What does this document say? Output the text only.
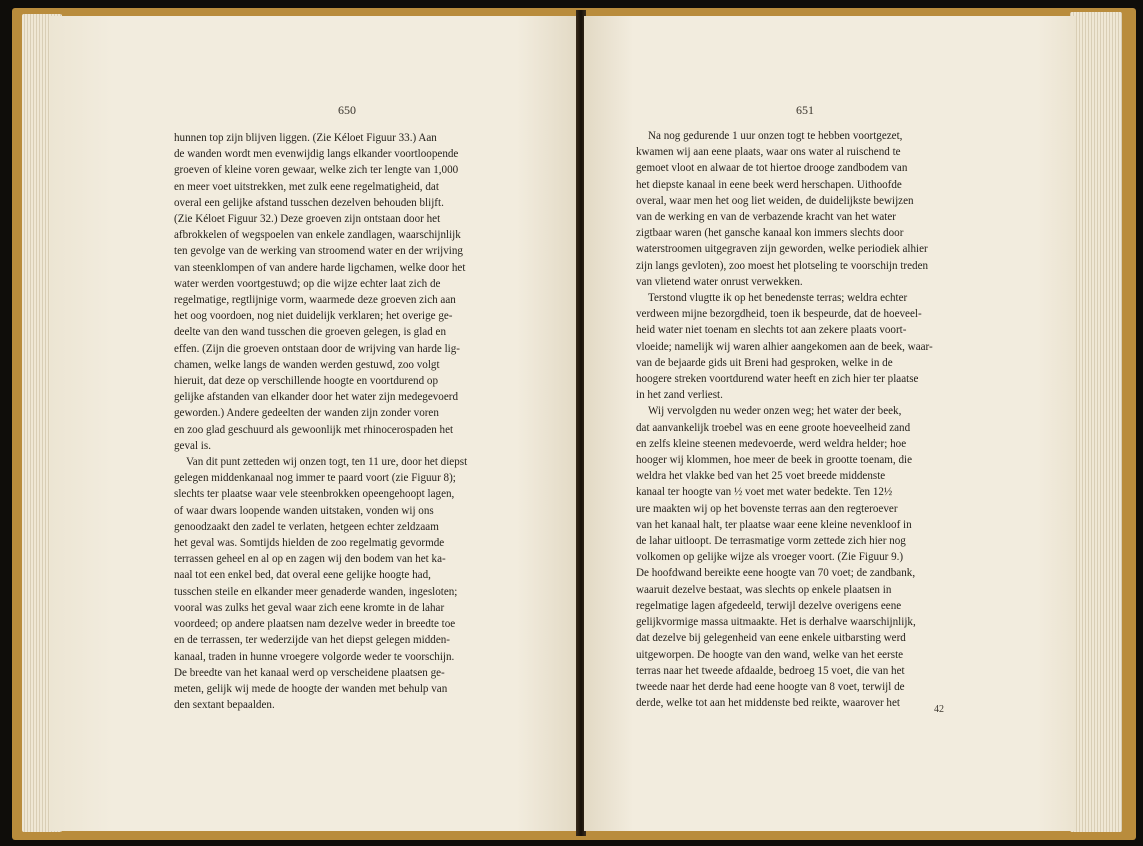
650
hunnen top zijn blijven liggen. (Zie Kéloet Figuur 33.) Aan
de wanden wordt men evenwijdig langs elkander voortloopende
groeven of kleine voren gewaar, welke zich ter lengte van 1,000
en meer voet uitstrekken, met zulk eene regelmatigheid, dat
overal een gelijke afstand tusschen dezelven behouden blijft.
(Zie Kéloet Figuur 32.) Deze groeven zijn ontstaan door het
afbrokkelen of wegspoelen van enkele zandlagen, waarschijnlijk
ten gevolge van de werking van stroomend water en der wrijving
van steenklompen of van andere harde ligchamen, welke door het
water werden voortgestuwd; op die wijze echter laat zich de
regelmatige, regtlijnige vorm, waarmede deze groeven zich aan
het oog voordoen, nog niet duidelijk verklaren; het overige ge-
deelte van den wand tusschen die groeven gelegen, is glad en
effen. (Zijn die groeven ontstaan door de wrijving van harde lig-
chamen, welke langs de wanden werden gestuwd, zoo volgt
hieruit, dat deze op verschillende hoogte en voortdurend op
gelijke afstanden van elkander door het water zijn medegevoerd
geworden.) Andere gedeelten der wanden zijn zonder voren
en zoo glad geschuurd als gewoonlijk met rhinocerospaden het
geval is.
Van dit punt zetteden wij onzen togt, ten 11 ure, door het diepst
gelegen middenkanaal nog immer te paard voort (zie Figuur 8);
slechts ter plaatse waar vele steenbrokken opeengehoopt lagen,
of waar dwars loopende wanden uitstaken, vonden wij ons
genoodzaakt den zadel te verlaten, hetgeen echter zeldzaam
het geval was. Somtijds hielden de zoo regelmatig gevormde
terrassen geheel en al op en zagen wij den bodem van het ka-
naal tot een enkel bed, dat overal eene gelijke hoogte had,
tusschen steile en elkander meer genaderde wanden, ingesloten;
vooral was zulks het geval waar zich eene kromte in de lahar
voordeed; op andere plaatsen nam dezelve weder in breedte toe
en de terrassen, ter wederzijde van het diepst gelegen midden-
kanaal, traden in hunne vroegere volgorde weder te voorschijn.
De breedte van het kanaal werd op verscheidene plaatsen ge-
meten, gelijk wij mede de hoogte der wanden met behulp van
den sextant bepaalden.
651
Na nog gedurende 1 uur onzen togt te hebben voortgezet,
kwamen wij aan eene plaats, waar ons water al ruischend te
gemoet vloot en alwaar de tot hiertoe drooge zandbodem van
het diepste kanaal in eene beek werd herschapen. Uithoofde
overal, waar men het oog liet weiden, de duidelijkste bewijzen
van de werking en van de verbazende kracht van het water
zigtbaar waren (het gansche kanaal kon immers slechts door
waterstroomen uitgegraven zijn geworden, welke periodiek alhier
zijn langs gevloten), zoo moest het plotseling te voorschijn treden
van vlietend water onrust verwekken.
Terstond vlugtte ik op het benedenste terras; weldra echter
verdween mijne bezorgdheid, toen ik bespeurde, dat de hoeveel-
heid water niet toenam en slechts tot aan zekere plaats voort-
vloeide; namelijk wij waren alhier aangekomen aan de beek, waar-
van de bejaarde gids uit Breni had gesproken, welke in de
hoogere streken voortdurend water heeft en zich hier ter plaatse
in het zand verliest.
Wij vervolgden nu weder onzen weg; het water der beek,
dat aanvankelijk troebel was en eene groote hoeveelheid zand
en zelfs kleine steenen medevoerde, werd weldra helder; hoe
hooger wij klommen, hoe meer de beek in grootte toenam, die
weldra het vlakke bed van het 25 voet breede middenste
kanaal ter hoogte van ½ voet met water bedekte. Ten 12½
ure maakten wij op het bovenste terras aan den regteroever
van het kanaal halt, ter plaatse waar eene kleine nevenkloof in
de lahar uitloopt. De terrasmatige vorm zettede zich hier nog
volkomen op gelijke wijze als vroeger voort. (Zie Figuur 9.)
De hoofdwand bereikte eene hoogte van 70 voet; de zandbank,
waaruit dezelve bestaat, was slechts op enkele plaatsen in
regelmatige lagen afgedeeld, terwijl dezelve overigens eene
gelijkvormige massa uitmaakte. Het is derhalve waarschijnlijk,
dat dezelve bij gelegenheid van eene enkele uitbarsting werd
uitgeworpen. De hoogte van den wand, welke van het eerste
terras naar het tweede afdaalde, bedroeg 15 voet, die van het
tweede naar het derde had eene hoogte van 8 voet, terwijl de
derde, welke tot aan het middenste bed reikte, waarover het
42
